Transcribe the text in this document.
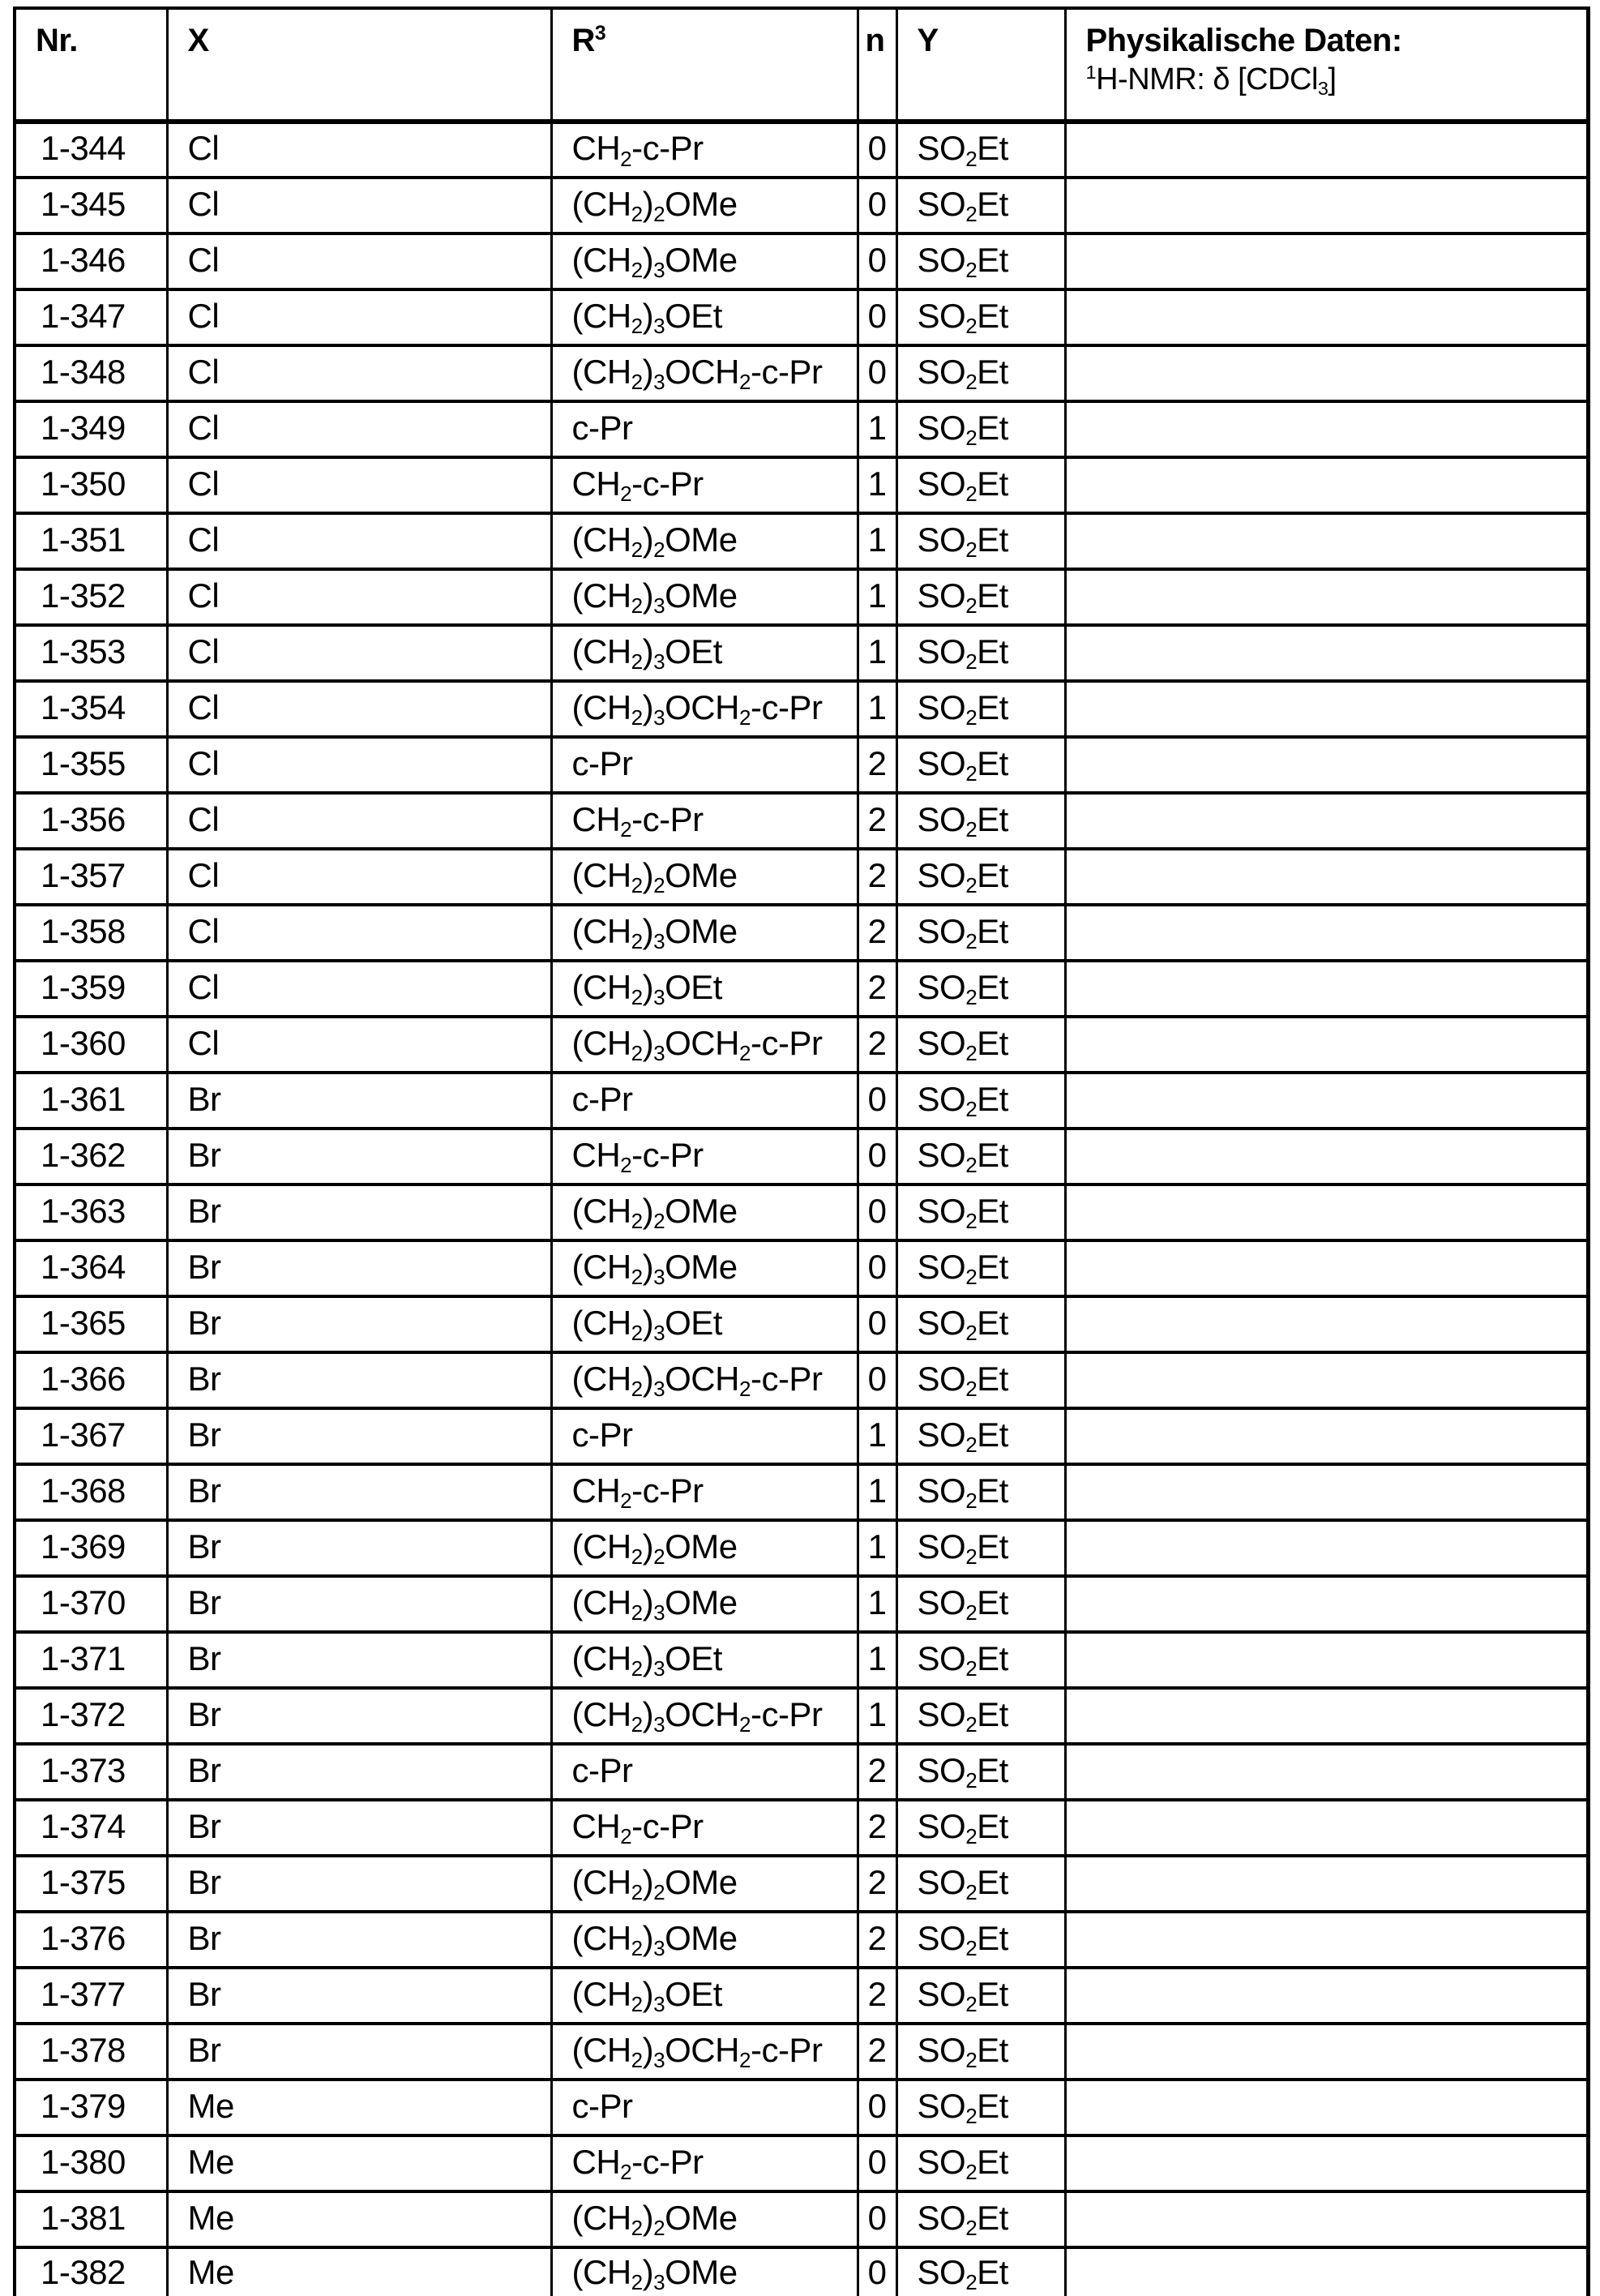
Nr.	X	$R^3$	n	Y	Physikalische Daten:
$^1$H-NMR: δ [CDCl$_3$]

1-344	Cl	$CH_2-c-Pr$	0	$SO_2Et$	
1-345	Cl	$(CH_2)_2OMe$	0	$SO_2Et$	
1-346	Cl	$(CH_2)_3OMe$	0	$SO_2Et$	
1-347	Cl	$(CH_2)_3OEt$	0	$SO_2Et$	
1-348	Cl	$(CH_2)_3OCH_2-c-Pr$	0	$SO_2Et$	
1-349	Cl	c-Pr	1	$SO_2Et$	
1-350	Cl	$CH_2-c-Pr$	1	$SO_2Et$	
1-351	Cl	$(CH_2)_2OMe$	1	$SO_2Et$	
1-352	Cl	$(CH_2)_3OMe$	1	$SO_2Et$	
1-353	Cl	$(CH_2)_3OEt$	1	$SO_2Et$	
1-354	Cl	$(CH_2)_3OCH_2-c-Pr$	1	$SO_2Et$	
1-355	Cl	c-Pr	2	$SO_2Et$	
1-356	Cl	$CH_2-c-Pr$	2	$SO_2Et$	
1-357	Cl	$(CH_2)_2OMe$	2	$SO_2Et$	
1-358	Cl	$(CH_2)_3OMe$	2	$SO_2Et$	
1-359	Cl	$(CH_2)_3OEt$	2	$SO_2Et$	
1-360	Cl	$(CH_2)_3OCH_2-c-Pr$	2	$SO_2Et$	
1-361	Br	c-Pr	0	$SO_2Et$	
1-362	Br	$CH_2-c-Pr$	0	$SO_2Et$	
1-363	Br	$(CH_2)_2OMe$	0	$SO_2Et$	
1-364	Br	$(CH_2)_3OMe$	0	$SO_2Et$	
1-365	Br	$(CH_2)_3OEt$	0	$SO_2Et$	
1-366	Br	$(CH_2)_3OCH_2-c-Pr$	0	$SO_2Et$	
1-367	Br	c-Pr	1	$SO_2Et$	
1-368	Br	$CH_2-c-Pr$	1	$SO_2Et$	
1-369	Br	$(CH_2)_2OMe$	1	$SO_2Et$	
1-370	Br	$(CH_2)_3OMe$	1	$SO_2Et$	
1-371	Br	$(CH_2)_3OEt$	1	$SO_2Et$	
1-372	Br	$(CH_2)_3OCH_2-c-Pr$	1	$SO_2Et$	
1-373	Br	c-Pr	2	$SO_2Et$	
1-374	Br	$CH_2-c-Pr$	2	$SO_2Et$	
1-375	Br	$(CH_2)_2OMe$	2	$SO_2Et$	
1-376	Br	$(CH_2)_3OMe$	2	$SO_2Et$	
1-377	Br	$(CH_2)_3OEt$	2	$SO_2Et$	
1-378	Br	$(CH_2)_3OCH_2-c-Pr$	2	$SO_2Et$	
1-379	Me	c-Pr	0	$SO_2Et$	
1-380	Me	$CH_2-c-Pr$	0	$SO_2Et$	
1-381	Me	$(CH_2)_2OMe$	0	$SO_2Et$	
1-382	Me	$(CH_2)_3OMe$	0	$SO_2Et$	
